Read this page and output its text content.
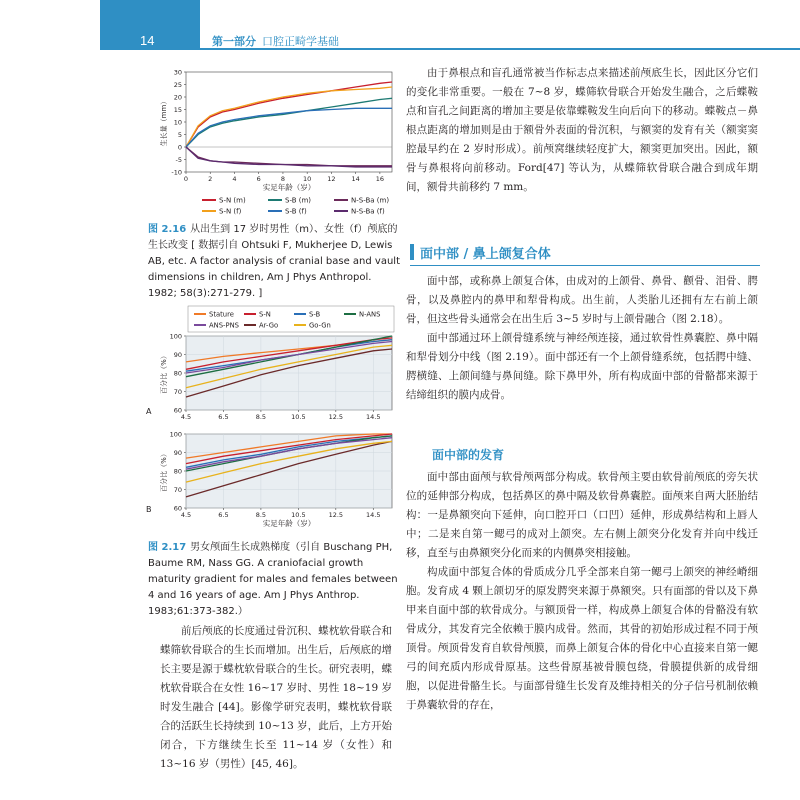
14	第一部分 口腔正畸学基础
-10
-5
0
5
10
15
20
25
30
0	2	4	6	8	10 12 14 16
生长量（mm）
实足年龄（岁）
S-N (m)	S-B (m)	N-S-Ba (m)
S-N (f)	S-B (f)	N-S-Ba (f)
图 2.16 从出生到 17 岁时男性（m）、女性（f）颅底的生长改变 [ 数据引自 Ohtsuki F, Mukherjee D, Lewis AB, etc. A factor analysis of cranial base and vault dimensions in children, Am J Phys Anthropol. 1982; 58(3):271-279. ]
Stature	S-N	S-B	N-ANS
ANS-PNS	Ar-Go	Go-Gn
60
70
80
90
100
4.5	6.5	8.5	10.5	12.5	14.5
百分比（%）
60
70
80
90
100
4.5	6.5	8.5	10.5	12.5	14.5
百分比（%）
实足年龄（岁）
A
B
图 2.17 男女颅面生长成熟梯度（引自 Buschang PH, Baume RM, Nass GG. A craniofacial growth maturity gradient for males and females between 4 and 16 years of age. Am J Phys Anthrop. 1983;61:373-382.）

前后颅底的长度通过骨沉积、蝶枕软骨联合和蝶筛软骨联合的生长而增加。出生后，后颅底的增长主要是源于蝶枕软骨联合的生长。研究表明，蝶枕软骨联合在女性 16~17 岁时、男性 18~19 岁时发生融合 [44]。影像学研究表明，蝶枕软骨联合的活跃生长持续到 10~13 岁，此后，上方开始闭合，下方继续生长至 11~14 岁（女性）和 13~16 岁（男性）[45, 46]。

由于鼻根点和盲孔通常被当作标志点来描述前颅底生长，因此区分它们的变化非常重要。一般在 7~8 岁，蝶筛软骨联合开始发生融合，之后蝶鞍点和盲孔之间距离的增加主要是依靠蝶鞍发生向后向下的移动。蝶鞍点－鼻根点距离的增加则是由于额骨外表面的骨沉积，与额窦的发育有关（额窦窦腔最早约在 2 岁时形成）。前颅窝继续轻度扩大，额窦更加突出。因此，额骨与鼻根将向前移动。Ford[47] 等认为，从蝶筛软骨联合融合到成年期间，额骨共前移约 7 mm。

面中部 / 鼻上颌复合体

面中部，或称鼻上颌复合体，由成对的上颌骨、鼻骨、颧骨、泪骨、腭骨，以及鼻腔内的鼻甲和犁骨构成。出生前，人类胎儿还拥有左右前上颌骨，但这些骨头通常会在出生后 3~5 岁时与上颌骨融合（图 2.18）。

面中部通过环上颌骨缝系统与神经颅连接，通过软骨性鼻囊腔、鼻中隔和犁骨划分中线（图 2.19）。面中部还有一个上颌骨缝系统，包括腭中缝、腭横缝、上颌间缝与鼻间缝。除下鼻甲外，所有构成面中部的骨骼都来源于结缔组织的膜内成骨。

面中部的发育

面中部由面颅与软骨颅两部分构成。软骨颅主要由软骨前颅底的旁矢状位的延伸部分构成，包括鼻区的鼻中隔及软骨鼻囊腔。面颅来自两大胚胎结构：一是鼻额突向下延伸，向口腔开口（口凹）延伸，形成鼻结构和上唇人中；二是来自第一鳃弓的成对上颌突。左右侧上颌突分化发育并向中线迁移，直至与由鼻额突分化而来的内侧鼻突相接触。

构成面中部复合体的骨质成分几乎全部来自第一鳃弓上颌突的神经嵴细胞。发育成 4 颗上颌切牙的原发腭突来源于鼻额突。只有面部的骨以及下鼻甲来自面中部的软骨成分。与额顶骨一样，构成鼻上颌复合体的骨骼没有软骨成分，其发育完全依赖于膜内成骨。然而，其骨的初始形成过程不同于颅顶骨。颅顶骨发育自软骨颅膜，而鼻上颌复合体的骨化中心直接来自第一鳃弓的间充质内形成骨原基。这些骨原基被骨膜包绕，骨膜提供新的成骨细胞，以促进骨骼生长。与面部骨缝生长发育及维持相关的分子信号机制依赖于鼻囊软骨的存在，
